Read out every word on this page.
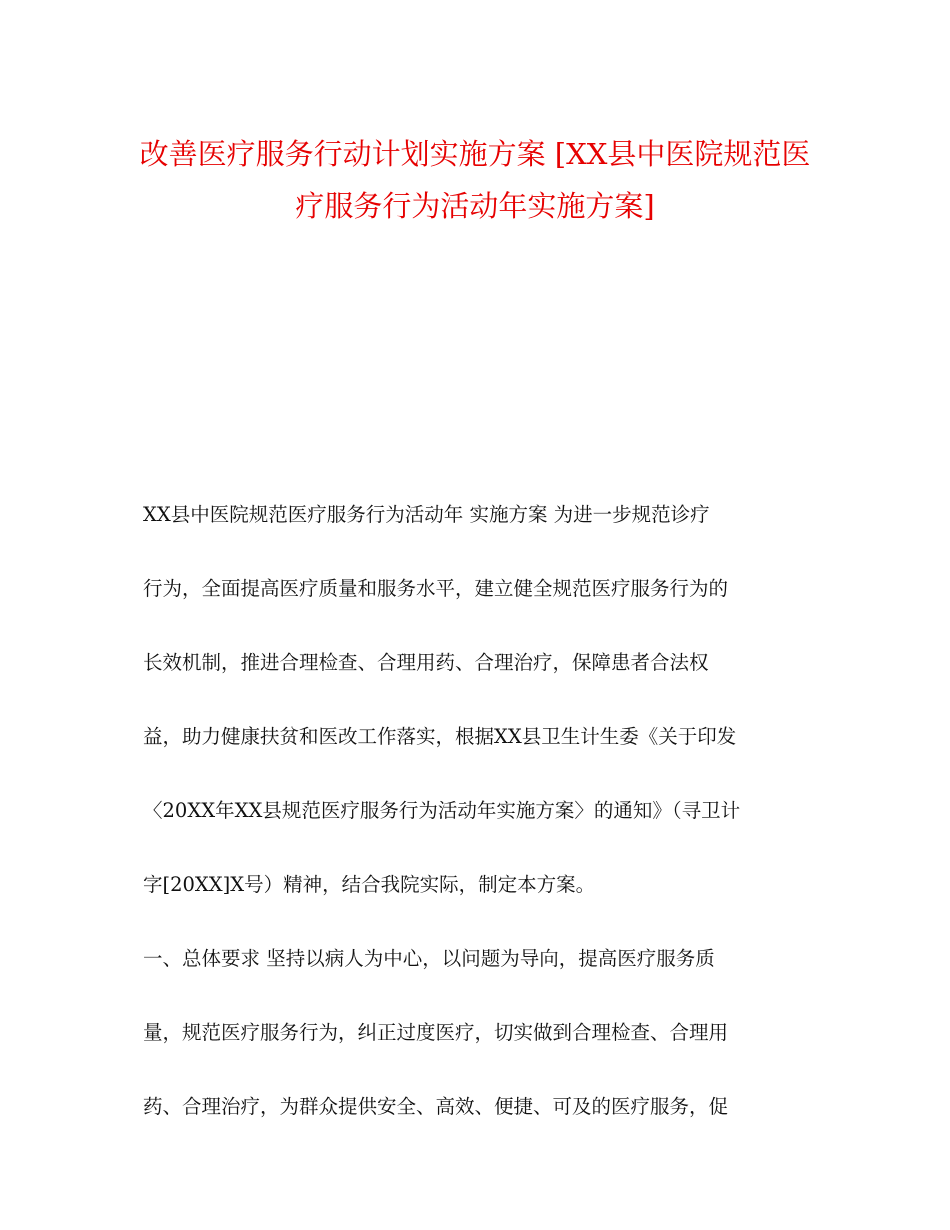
改善医疗服务行动计划实施方案 [XX县中医院规范医
疗服务行为活动年实施方案]
XX县中医院规范医疗服务行为活动年 实施方案 为进一步规范诊疗
行为，全面提高医疗质量和服务水平，建立健全规范医疗服务行为的
长效机制，推进合理检查、合理用药、合理治疗，保障患者合法权
益，助力健康扶贫和医改工作落实，根据XX县卫生计生委《关于印发
〈20XX年XX县规范医疗服务行为活动年实施方案〉的通知》（寻卫计
字[20XX]X号）精神，结合我院实际，制定本方案。
一、总体要求 坚持以病人为中心，以问题为导向，提高医疗服务质
量，规范医疗服务行为，纠正过度医疗，切实做到合理检查、合理用
药、合理治疗，为群众提供安全、高效、便捷、可及的医疗服务，促
